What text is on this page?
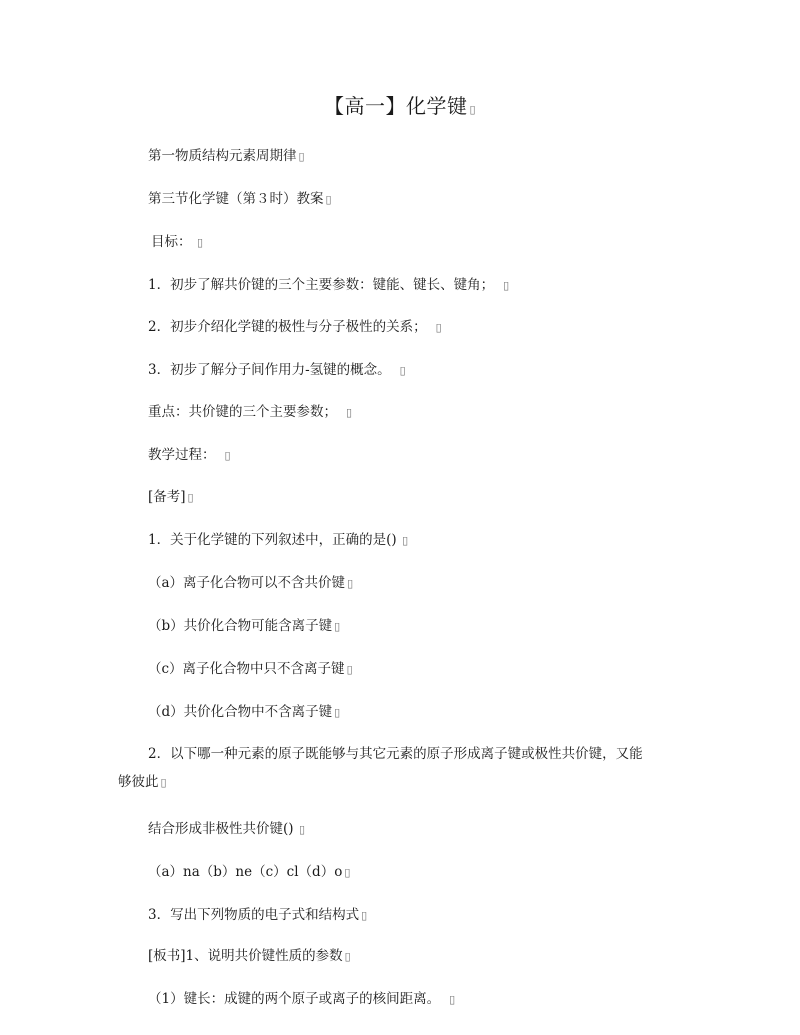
【高一】化学键 ▯
第一物质结构元素周期律 ▯
第三节化学键（第３时）教案 ▯
目标： ▯
1．初步了解共价键的三个主要参数：键能、键长、键角；  ▯
2．初步介绍化学键的极性与分子极性的关系；  ▯
3．初步了解分子间作用力-氢键的概念。  ▯
重点：共价键的三个主要参数；  ▯
教学过程：  ▯
[备考] ▯
1．关于化学键的下列叙述中，正确的是() ▯
（a）离子化合物可以不含共价键 ▯
（b）共价化合物可能含离子键 ▯
（c）离子化合物中只不含离子键 ▯
（d）共价化合物中不含离子键 ▯
2．以下哪一种元素的原子既能够与其它元素的原子形成离子键或极性共价键，又能
够彼此 ▯
结合形成非极性共价键() ▯
（a）na（b）ne（c）cl（d）o ▯
3．写出下列物质的电子式和结构式 ▯
[板书]1、说明共价键性质的参数 ▯
（1）键长：成键的两个原子或离子的核间距离。  ▯
